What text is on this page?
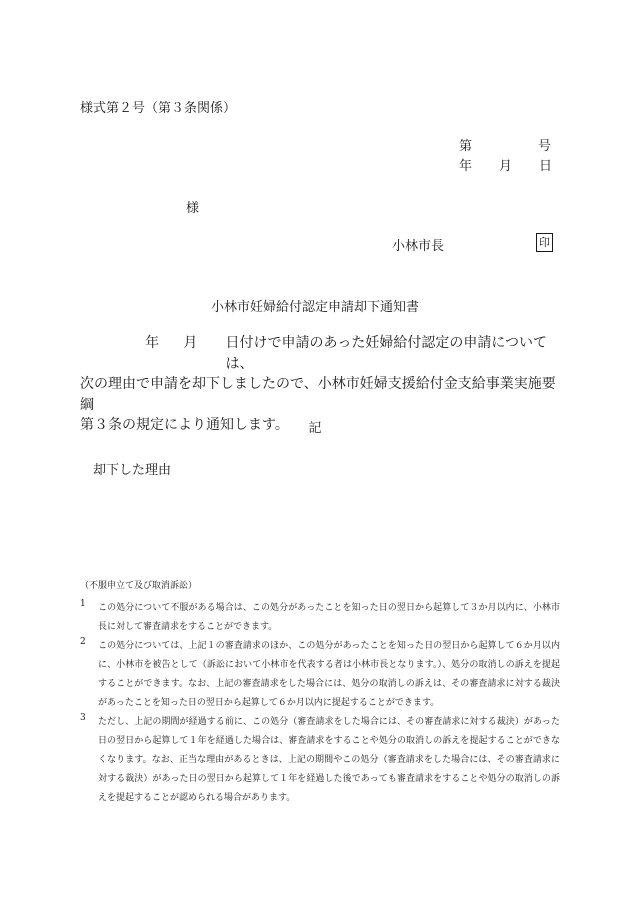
様式第２号（第３条関係）
第	号
年	月	日
様
小林市長	印
小林市妊婦給付認定申請却下通知書
年	月	日付けで申請のあった妊婦給付認定の申請については、
次の理由で申請を却下しましたので、小林市妊婦支援給付金支給事業実施要綱
第３条の規定により通知します。	記
却下した理由
（不服申立て及び取消訴訟）
1	この処分について不服がある場合は、この処分があったことを知った日の翌日から起算して３か月以内に、小林市長に対して審査請求をすることができます。
2	この処分については、上記１の審査請求のほか、この処分があったことを知った日の翌日から起算して６か月以内に、小林市を被告として（訴訟において小林市を代表する者は小林市長となります。）、処分の取消しの訴えを提起することができます。なお、上記の審査請求をした場合には、処分の取消しの訴えは、その審査請求に対する裁決があったことを知った日の翌日から起算して６か月以内に提起することができます。
3	ただし、上記の期間が経過する前に、この処分（審査請求をした場合には、その審査請求に対する裁決）があった日の翌日から起算して１年を経過した場合は、審査請求をすることや処分の取消しの訴えを提起することができなくなります。なお、正当な理由があるときは、上記の期間やこの処分（審査請求をした場合には、その審査請求に対する裁決）があった日の翌日から起算して１年を経過した後であっても審査請求をすることや処分の取消しの訴えを提起することが認められる場合があります。
